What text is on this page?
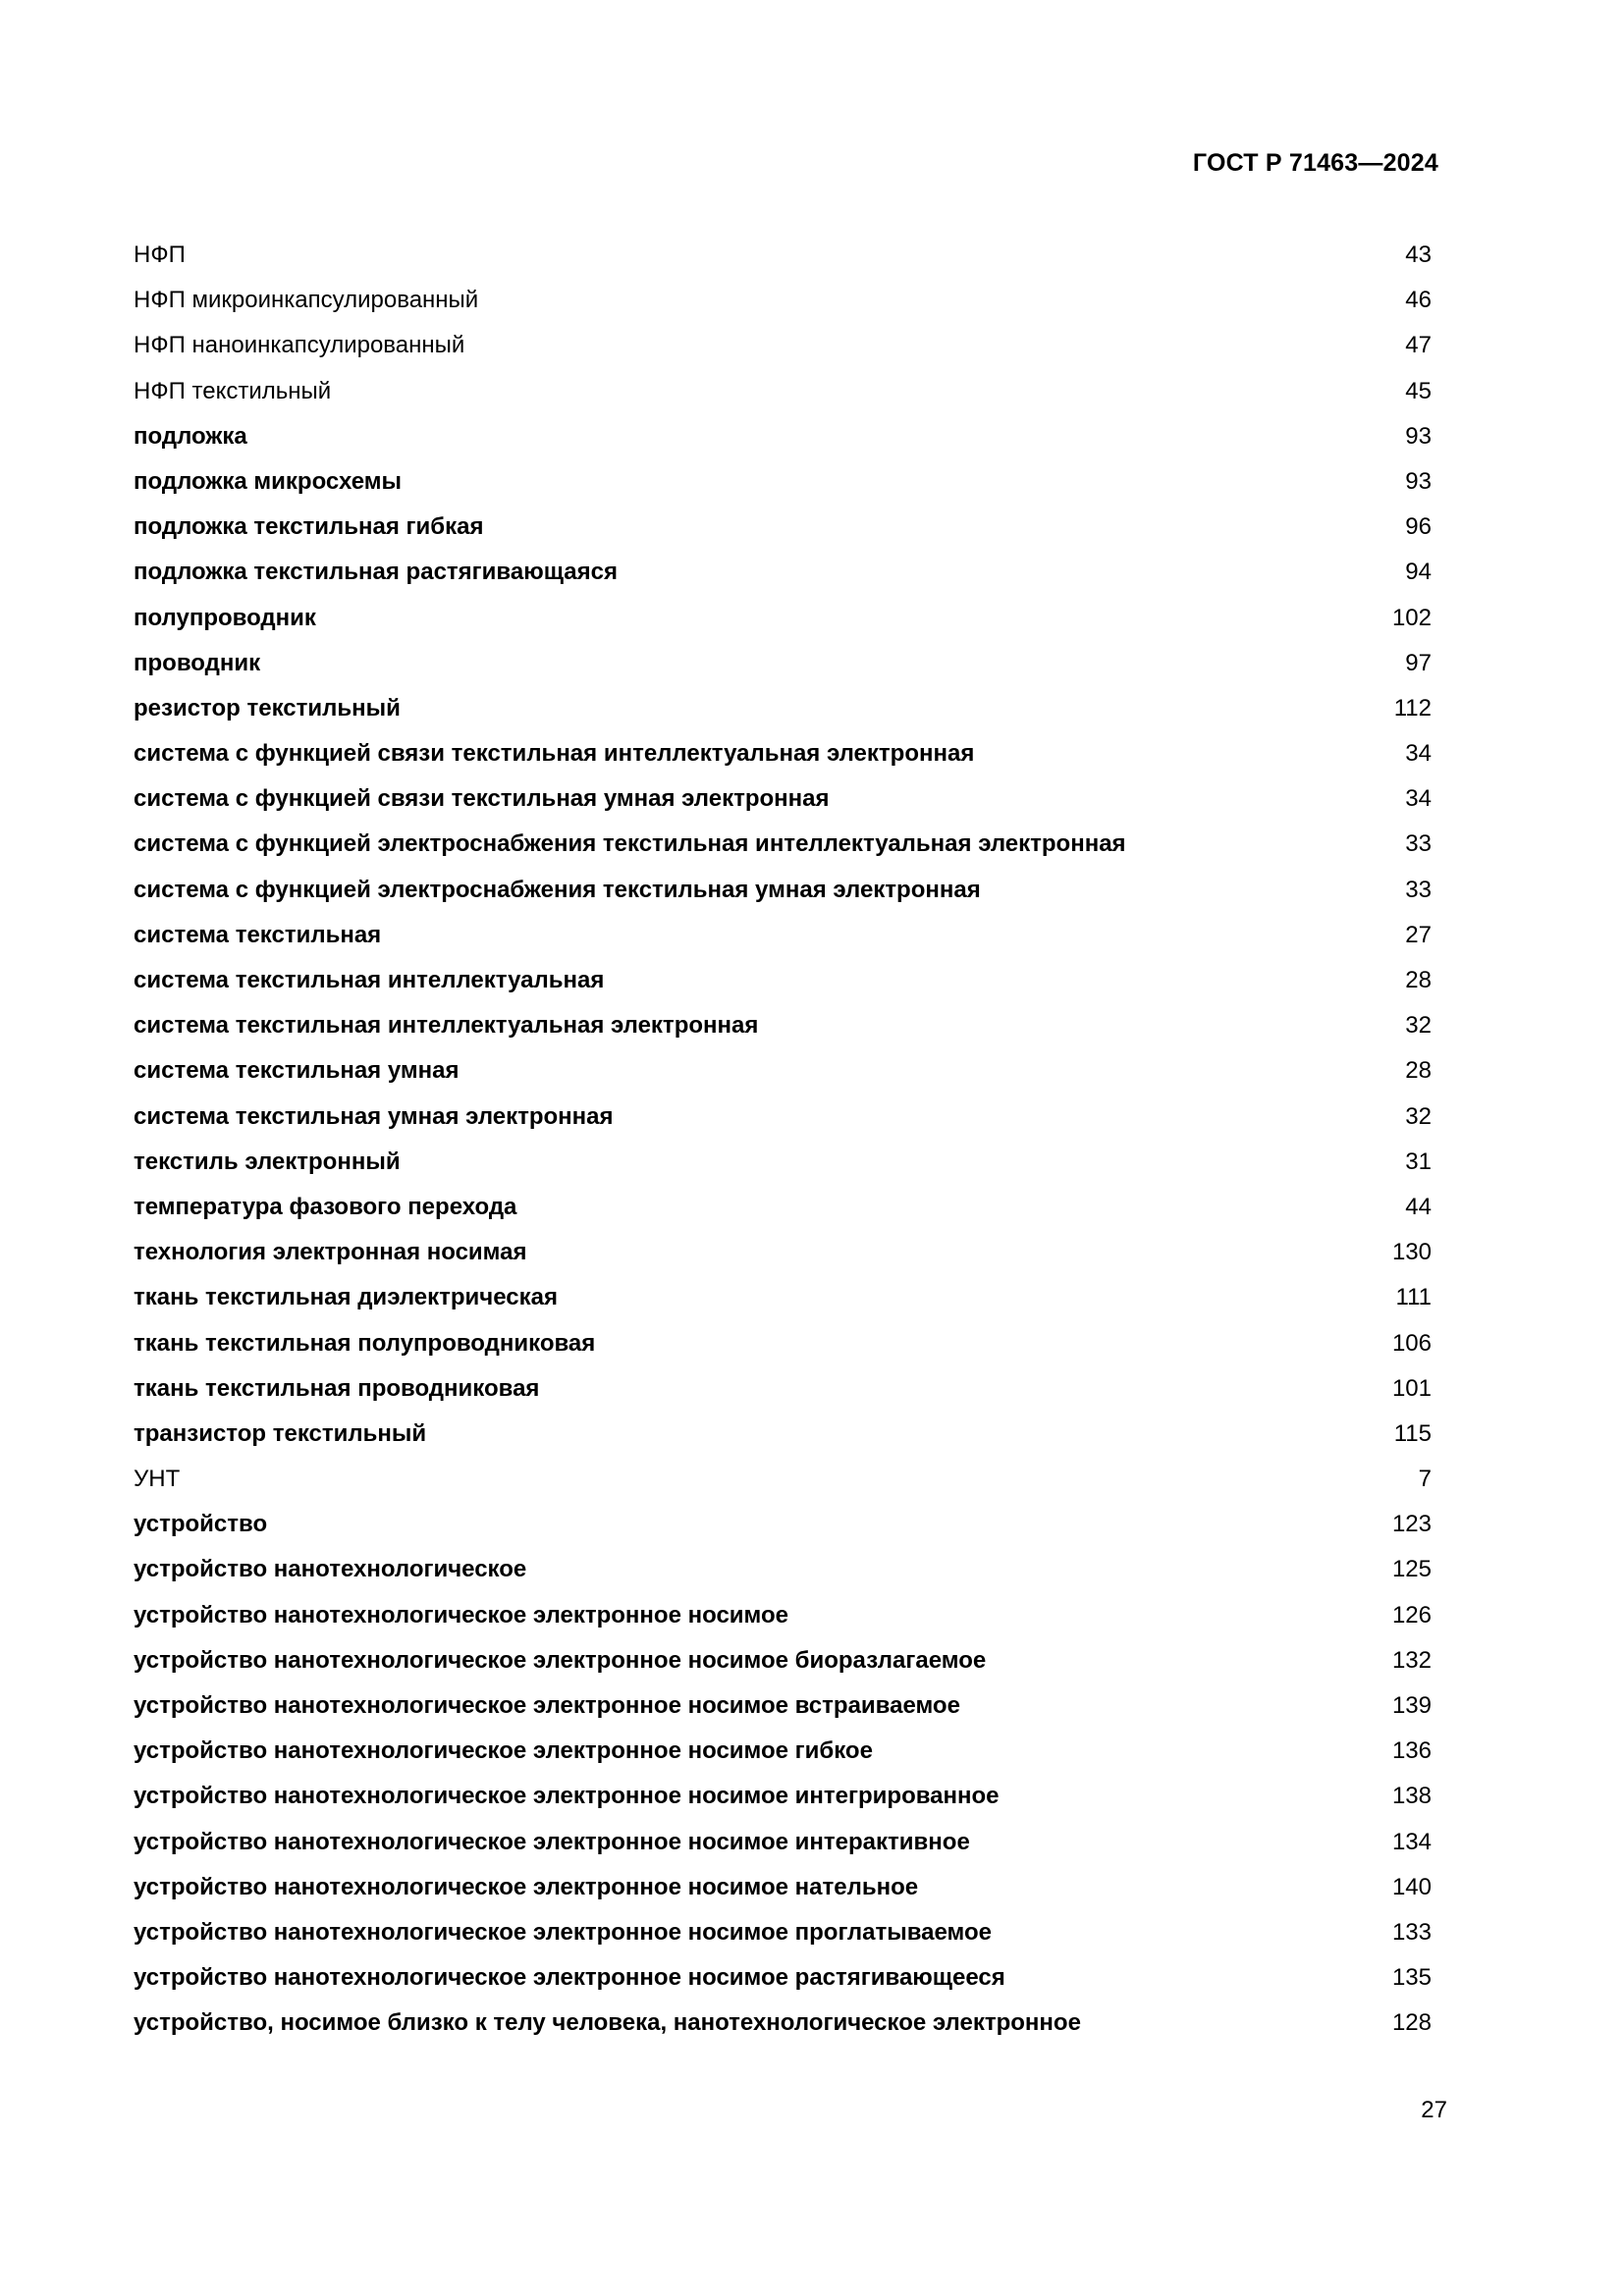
ГОСТ Р 71463—2024
НФП	43
НФП микроинкапсулированный	46
НФП наноинкапсулированный	47
НФП текстильный	45
подложка	93
подложка микросхемы	93
подложка текстильная гибкая	96
подложка текстильная растягивающаяся	94
полупроводник	102
проводник	97
резистор текстильный	112
система с функцией связи текстильная интеллектуальная электронная	34
система с функцией связи текстильная умная электронная	34
система с функцией электроснабжения текстильная интеллектуальная электронная	33
система с функцией электроснабжения текстильная умная электронная	33
система текстильная	27
система текстильная интеллектуальная	28
система текстильная интеллектуальная электронная	32
система текстильная умная	28
система текстильная умная электронная	32
текстиль электронный	31
температура фазового перехода	44
технология электронная носимая	130
ткань текстильная диэлектрическая	111
ткань текстильная полупроводниковая	106
ткань текстильная проводниковая	101
транзистор текстильный	115
УНТ	7
устройство	123
устройство нанотехнологическое	125
устройство нанотехнологическое электронное носимое	126
устройство нанотехнологическое электронное носимое биоразлагаемое	132
устройство нанотехнологическое электронное носимое встраиваемое	139
устройство нанотехнологическое электронное носимое гибкое	136
устройство нанотехнологическое электронное носимое интегрированное	138
устройство нанотехнологическое электронное носимое интерактивное	134
устройство нанотехнологическое электронное носимое нательное	140
устройство нанотехнологическое электронное носимое проглатываемое	133
устройство нанотехнологическое электронное носимое растягивающееся	135
устройство, носимое близко к телу человека, нанотехнологическое электронное	128
27
